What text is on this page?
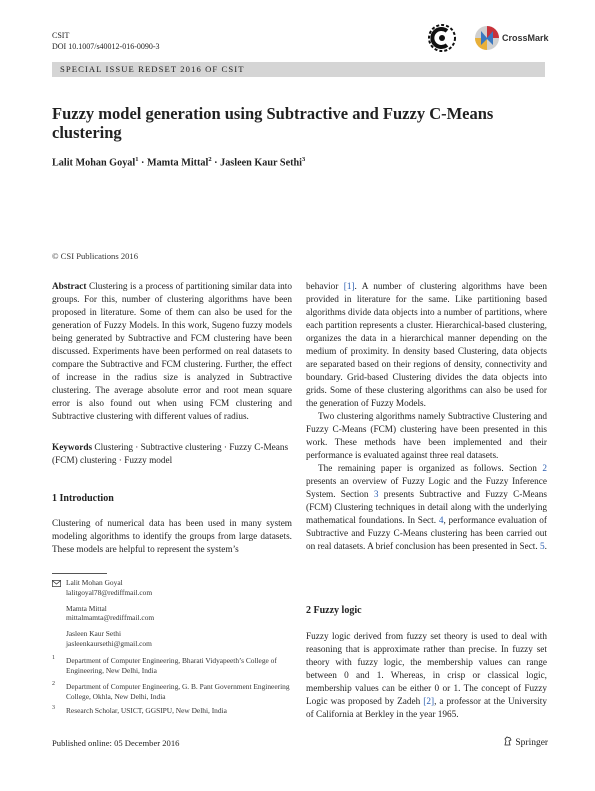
CSIT
DOI 10.1007/s40012-016-0090-3
CrossMark
SPECIAL ISSUE REDSET 2016 OF CSIT
Fuzzy model generation using Subtractive and Fuzzy C-Means clustering
Lalit Mohan Goyal$^1$ · Mamta Mittal$^2$ · Jasleen Kaur Sethi$^3$
© CSI Publications 2016

Abstract Clustering is a process of partitioning similar data into groups. For this, number of clustering algorithms have been proposed in literature. Some of them can also be used for the generation of Fuzzy Models. In this work, Sugeno fuzzy models being generated by Subtractive and FCM clustering have been discussed. Experiments have been performed on real datasets to compare the Subtractive and FCM clustering. Further, the effect of increase in the radius size is analyzed in Subtractive clustering. The average absolute error and root mean square error is also found out when using FCM clustering and Subtractive clustering with different values of radius.

Keywords Clustering · Subtractive clustering · Fuzzy C-Means (FCM) clustering · Fuzzy model

1 Introduction
Clustering of numerical data has been used in many system modeling algorithms to identify the groups from large datasets. These models are helpful to represent the system’s
Lalit Mohan Goyal
lalitgoyal78@rediffmail.com
Mamta Mittal
mittalmamta@rediffmail.com
Jasleen Kaur Sethi
jasleenkaursethi@gmail.com
1	Department of Computer Engineering, Bharati Vidyapeeth’s College of Engineering, New Delhi, India
2	Department of Computer Engineering, G. B. Pant Government Engineering College, Okhla, New Delhi, India
3	Research Scholar, USICT, GGSIPU, New Delhi, India

behavior [1]. A number of clustering algorithms have been provided in literature for the same. Like partitioning based algorithms divide data objects into a number of partitions, where each partition represents a cluster. Hierarchical-based clustering, organizes the data in a hierarchical manner depending on the medium of proximity. In density based Clustering, data objects are separated based on their regions of density, connectivity and boundary. Grid-based Clustering divides the data objects into grids. Some of these clustering algorithms can also be used for the generation of Fuzzy Models.

Two clustering algorithms namely Subtractive Clustering and Fuzzy C-Means (FCM) clustering have been presented in this work. These methods have been implemented and their performance is evaluated against three real datasets.

The remaining paper is organized as follows. Section 2 presents an overview of Fuzzy Logic and the Fuzzy Inference System. Section 3 presents Subtractive and Fuzzy C-Means (FCM) Clustering techniques in detail along with the underlying mathematical foundations. In Sect. 4, performance evaluation of Subtractive and Fuzzy C-Means clustering has been carried out on real datasets. A brief conclusion has been presented in Sect. 5.

2 Fuzzy logic

Fuzzy logic derived from fuzzy set theory is used to deal with reasoning that is approximate rather than precise. In fuzzy set theory with fuzzy logic, the membership values can range between 0 and 1. Whereas, in crisp or classical logic, membership values can be either 0 or 1. The concept of Fuzzy Logic was proposed by Zadeh [2], a professor at the University of California at Berkley in the year 1965.

Published online: 05 December 2016	Springer
